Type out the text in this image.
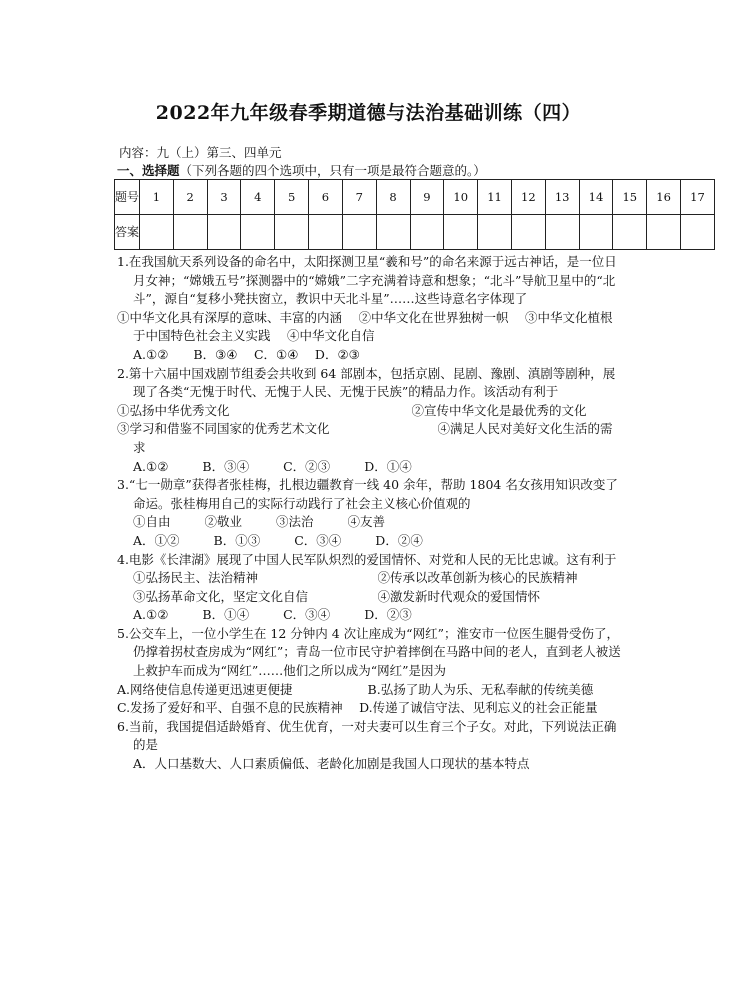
2022年九年级春季期道德与法治基础训练（四）
内容：九（上）第三、四单元
一、选择题（下列各题的四个选项中，只有一项是最符合题意的。）
题号	1	2	3	4	5	6	7	8	9	10	11	12	13	14	15	16	17
答案																	

1.在我国航天系列设备的命名中，太阳探测卫星“羲和号”的命名来源于远古神话，是一位日月女神；“嫦娥五号”探测器中的“嫦娥”二字充满着诗意和想象；“北斗”导航卫星中的“北斗”，源自“复移小凳扶窗立，教识中天北斗星”……这些诗意名字体现了

①中华文化具有深厚的意味、丰富的内涵　 ②中华文化在世界独树一帜　 ③中华文化植根于中国特色社会主义实践　 ④中华文化自信

A.①②　　B．③④　 C．①④　 D．②③

2.第十六届中国戏剧节组委会共收到 64 部剧本，包括京剧、昆剧、豫剧、滇剧等剧种，展现了各类“无愧于时代、无愧于人民、无愧于民族”的精品力作。该活动有利于

①弘扬中华优秀文化	②宣传中华文化是最优秀的文化

③学习和借鉴不同国家的优秀艺术文化	④满足人民对美好文化生活的需求

A.①②	B．③④	C．②③	D．①④

3.“七一勋章”获得者张桂梅，扎根边疆教育一线 40 余年，帮助 1804 名女孩用知识改变了命运。张桂梅用自己的实际行动践行了社会主义核心价值观的

①自由	②敬业	③法治	④友善

A．①②	B．①③	C．③④	D．②④

4.电影《长津湖》展现了中国人民军队炽烈的爱国情怀、对党和人民的无比忠诚。这有利于

①弘扬民主、法治精神	②传承以改革创新为核心的民族精神

③弘扬革命文化，坚定文化自信	④激发新时代观众的爱国情怀

A.①②	B．①④	C．③④	D．②③

5.公交车上，一位小学生在 12 分钟内 4 次让座成为“网红”；淮安市一位医生腿骨受伤了，仍撑着拐杖查房成为“网红”；青岛一位市民守护着摔倒在马路中间的老人，直到老人被送上救护车而成为“网红”……他们之所以成为“网红”是因为

A.网络使信息传递更迅速更便捷　　　　　　	B.弘扬了助人为乐、无私奉献的传统美德

C.发扬了爱好和平、自强不息的民族精神　 D.传递了诚信守法、见利忘义的社会正能量

6.当前，我国提倡适龄婚育、优生优育，一对夫妻可以生育三个子女。对此，下列说法正确的是

A．人口基数大、人口素质偏低、老龄化加剧是我国人口现状的基本特点
